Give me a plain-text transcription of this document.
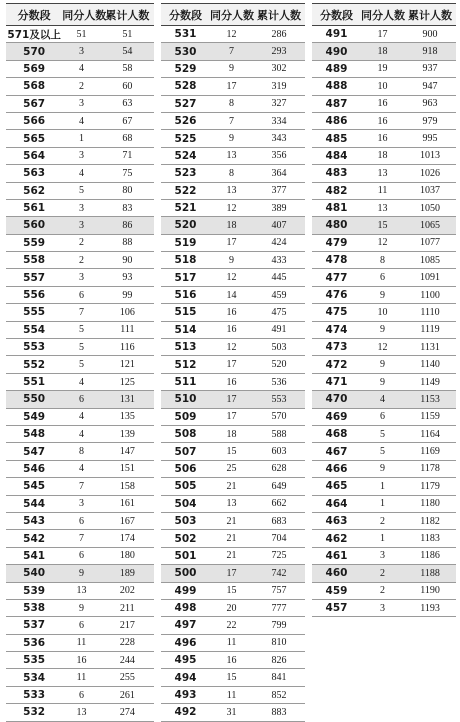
分数段	同分人数 累计人数
571及以上	51	51
570	3	54
569	4	58
568	2	60
567	3	63
566	4	67
565	1	68
564	3	71
563	4	75
562	5	80
561	3	83
560	3	86
559	2	88
558	2	90
557	3	93
556	6	99
555	7	106
554	5	111
553	5	116
552	5	121
551	4	125
550	6	131
549	4	135
548	4	139
547	8	147
546	4	151
545	7	158
544	3	161
543	6	167
542	7	174
541	6	180
540	9	189
539	13	202
538	9	211
537	6	217
536	11	228
535	16	244
534	11	255
533	6	261
532	13	274
分数段 同分人数 累计人数
531	12	286
530	7	293
529	9	302
528	17	319
527	8	327
526	7	334
525	9	343
524	13	356
523	8	364
522	13	377
521	12	389
520	18	407
519	17	424
518	9	433
517	12	445
516	14	459
515	16	475
514	16	491
513	12	503
512	17	520
511	16	536
510	17	553
509	17	570
508	18	588
507	15	603
506	25	628
505	21	649
504	13	662
503	21	683
502	21	704
501	21	725
500	17	742
499	15	757
498	20	777
497	22	799
496	11	810
495	16	826
494	15	841
493	11	852
492	31	883
分数段 同分人数 累计人数
491	17	900
490	18	918
489	19	937
488	10	947
487	16	963
486	16	979
485	16	995
484	18	1013
483	13	1026
482	11	1037
481	13	1050
480	15	1065
479	12	1077
478	8	1085
477	6	1091
476	9	1100
475	10	1110
474	9	1119
473	12	1131
472	9	1140
471	9	1149
470	4	1153
469	6	1159
468	5	1164
467	5	1169
466	9	1178
465	1	1179
464	1	1180
463	2	1182
462	1	1183
461	3	1186
460	2	1188
459	2	1190
457	3	1193
